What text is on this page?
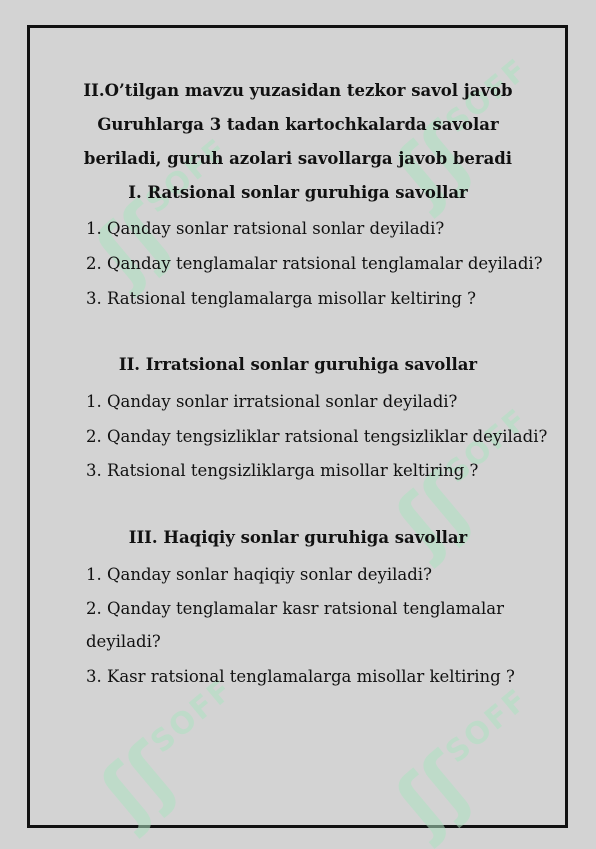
ʃʃSOFF	ʃʃSOFF
ʃʃSOFF
ʃʃSOFF
ʃʃSOFF
II.O’tilgan mavzu yuzasidan tezkor savol javob
Guruhlarga 3 tadan kartochkalarda savolar
beriladi, guruh azolari savollarga javob beradi
I. Ratsional sonlar guruhiga savollar
1. Qanday sonlar ratsional sonlar deyiladi?
2. Qanday tenglamalar ratsional tenglamalar deyiladi?
3. Ratsional tenglamalarga misollar keltiring ?
II. Irratsional sonlar guruhiga savollar
1. Qanday sonlar irratsional sonlar deyiladi?
2. Qanday tengsizliklar ratsional tengsizliklar deyiladi?
3. Ratsional tengsizliklarga misollar keltiring ?
III. Haqiqiy sonlar guruhiga savollar
1. Qanday sonlar haqiqiy sonlar deyiladi?
2. Qanday tenglamalar kasr ratsional tenglamalar
deyiladi?
3. Kasr ratsional tenglamalarga misollar keltiring ?
